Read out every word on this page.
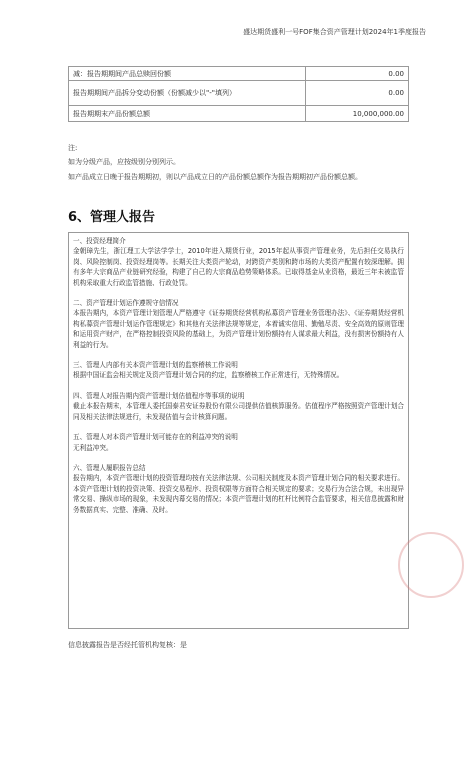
盛达期货盛利一号FOF集合资产管理计划2024年1季度报告
减：报告期期间产品总赎回份额	0.00
报告期期间产品拆分变动份额（份额减少以"-"填列）	0.00
报告期期末产品份额总额	10,000,000.00
注:
如为分级产品，应按级别分别列示。
如产品成立日晚于报告期期初，则以产品成立日的产品份额总额作为报告期期初产品份额总额。
6、管理人报告

一、投资经理简介

金朝璋先生，浙江理工大学法学学士，2010年进入期货行业，2015年起从事资产管理业务，先后担任交易执行岗、风险控制岗、投资经理岗等。长期关注大类资产轮动，对跨资产类别和跨市场的大类资产配置有较深理解。拥有多年大宗商品产业链研究经验，构建了自己的大宗商品趋势策略体系。已取得基金从业资格，最近三年未被监管机构采取重大行政监管措施、行政处罚。

二、资产管理计划运作遵规守信情况

本报告期内，本资产管理计划管理人严格遵守《证券期货经营机构私募资产管理业务管理办法》、《证券期货经营机构私募资产管理计划运作管理规定》和其他有关法律法规等规定，本着诚实信用、勤勉尽责、安全高效的原则管理和运用资产财产，在严格控制投资风险的基础上，为资产管理计划份额持有人谋求最大利益，没有损害份额持有人利益的行为。

三、管理人内部有关本资产管理计划的监察稽核工作说明

根据中国证监会相关规定及资产管理计划合同的约定，监察稽核工作正常进行，无特殊情况。

四、管理人对报告期内资产管理计划估值程序等事项的说明

截止本报告期末，本管理人委托国泰君安证券股份有限公司提供估值核算服务。估值程序严格按照资产管理计划合同及相关法律法规进行，未发现估值与会计核算问题。

五、管理人对本资产管理计划可能存在的利益冲突的说明

无利益冲突。

六、管理人履职报告总结

报告期内，本资产管理计划的投资管理均按有关法律法规、公司相关制度及本资产管理计划合同的相关要求进行。本资产管理计划的投资决策、投资交易程序、投资权限等方面符合相关规定的要求；交易行为合法合规，未出现异常交易、操纵市场的现象，未发现内幕交易的情况；本资产管理计划的杠杆比例符合监管要求，相关信息披露和财务数据真实、完整、准确、及时。

信息披露报告是否经托管机构复核：是
